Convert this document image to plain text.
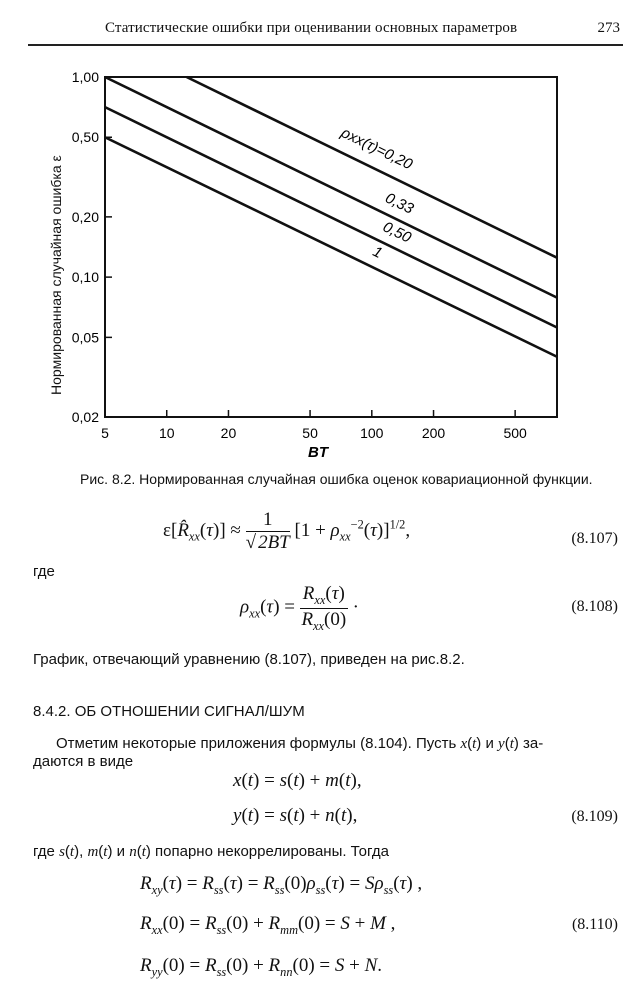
Статистические ошибки при оценивании основных параметров	273
Нормированная случайная ошибка ε
0,02
0,05
0,10
0,20
0,50
1,00
5	10	20	50	100	200	500
ρxx(τ)=0,20
0,33
0,50
1
BT
Рис. 8.2. Нормированная случайная ошибка оценок ковариационной функции.
$\varepsilon[R̂_{xx}(\tau)] \approx \frac{1}{√ 2BT} [1 + \rho_{xx}^{-2}(\tau)]^{1/2}$,	(8.107)
где
$\rho_{xx}(\tau) = \frac{R_{xx}(\tau)}{R_{xx}(0)}$ ·	(8.108)
График, отвечающий уравнению (8.107), приведен на рис.8.2.
8.4.2. ОБ ОТНОШЕНИИ СИГНАЛ/ШУМ
Отметим некоторые приложения формулы (8.104). Пусть x(t) и y(t) за-
даются в виде
x(t) = s(t) + m(t),
y(t) = s(t) + n(t),	(8.109)
где s(t), m(t) и n(t) попарно некоррелированы. Тогда
$R_{xy}(\tau) = R_{ss}(\tau) = R_{ss}(0)\rho_{ss}(\tau) = S\rho_{ss}(\tau)$ ,
$R_{xx}(0) = R_{ss}(0) + R_{mm}(0) = S + M$ ,	(8.110)
$R_{yy}(0) = R_{ss}(0) + R_{nn}(0) = S + N$.
